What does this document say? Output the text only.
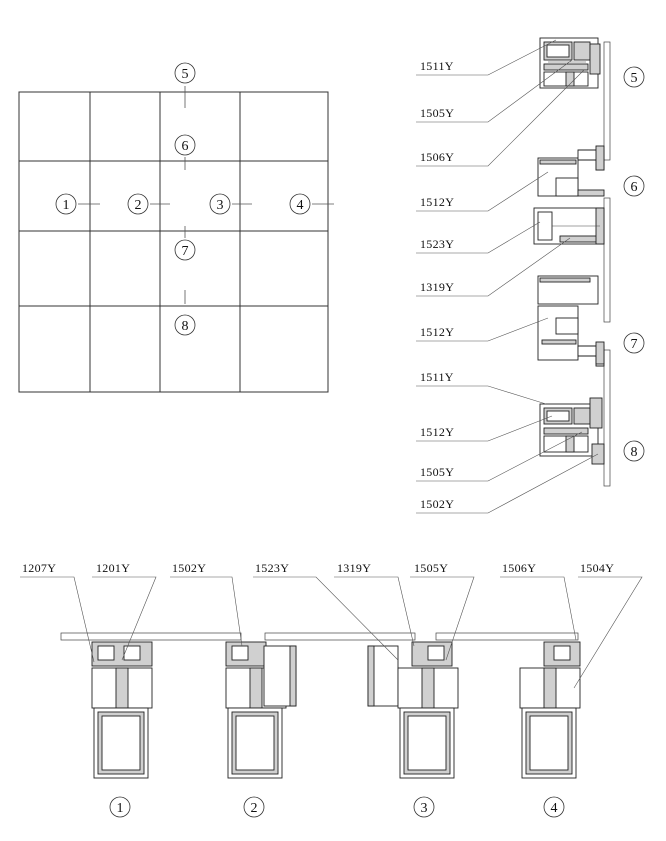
5
6
7
8
1	2	3	4
1511Y
1505Y
1506Y
1512Y
1523Y
1319Y
1512Y
1511Y
1512Y
1505Y
1502Y
5
6
7
8
1207Y	1201Y	1502Y	1523Y	1319Y	1505Y	1506Y	1504Y
1	2	3	4
